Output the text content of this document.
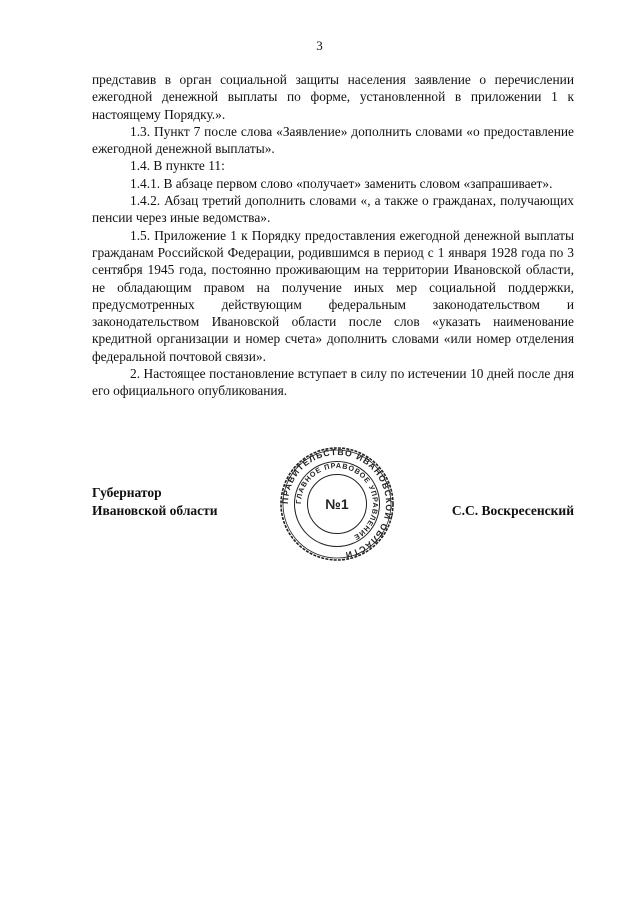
3

представив в орган социальной защиты населения заявление о перечислении ежегодной денежной выплаты по форме, установленной в приложении 1 к настоящему Порядку.».

1.3. Пункт 7 после слова «Заявление» дополнить словами «о предоставление ежегодной денежной выплаты».

1.4. В пункте 11:

1.4.1. В абзаце первом слово «получает» заменить словом «запрашивает».

1.4.2. Абзац третий дополнить словами «, а также о гражданах, получающих пенсии через иные ведомства».

1.5. Приложение 1 к Порядку предоставления ежегодной денежной выплаты гражданам Российской Федерации, родившимся в период с 1 января 1928 года по 3 сентября 1945 года, постоянно проживающим на территории Ивановской области, не обладающим правом на получение иных мер социальной поддержки, предусмотренных действующим федеральным законодательством и законодательством Ивановской области после слов «указать наименование кредитной организации и номер счета» дополнить словами «или номер отделения федеральной почтовой связи».

2. Настоящее постановление вступает в силу по истечении 10 дней после дня его официального опубликования.

Губернатор
Ивановской области
ПРАВИТЕЛЬСТВО ИВАНОВСКОЙ ОБЛАСТИ
ГЛАВНОЕ ПРАВОВОЕ УПРАВЛЕНИЕ
№1	С.С. Воскресенский
